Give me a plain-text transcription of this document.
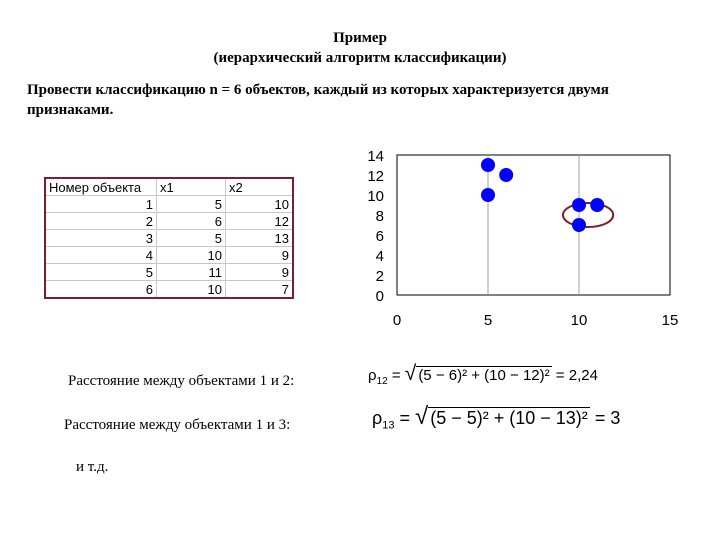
Пример
(иерархический алгоритм классификации)
Провести классификацию n = 6 объектов, каждый из которых характеризуется двумя признаками.
Номер объекта	x1	x2
1	5	10
2	6	12
3	5	13
4	10	9
5	11	9
6	10	7	0
2
4
6
8
10
12
14
0	5	10	15
Расстояние между объектами 1 и 2:	$\rho_{12}$ = √ (5 − 6)² + (10 − 12)² = 2,24
Расстояние между объектами 1 и 3:	$\rho_{13}$ = √ (5 − 5)² + (10 − 13)² = 3
и т.д.
